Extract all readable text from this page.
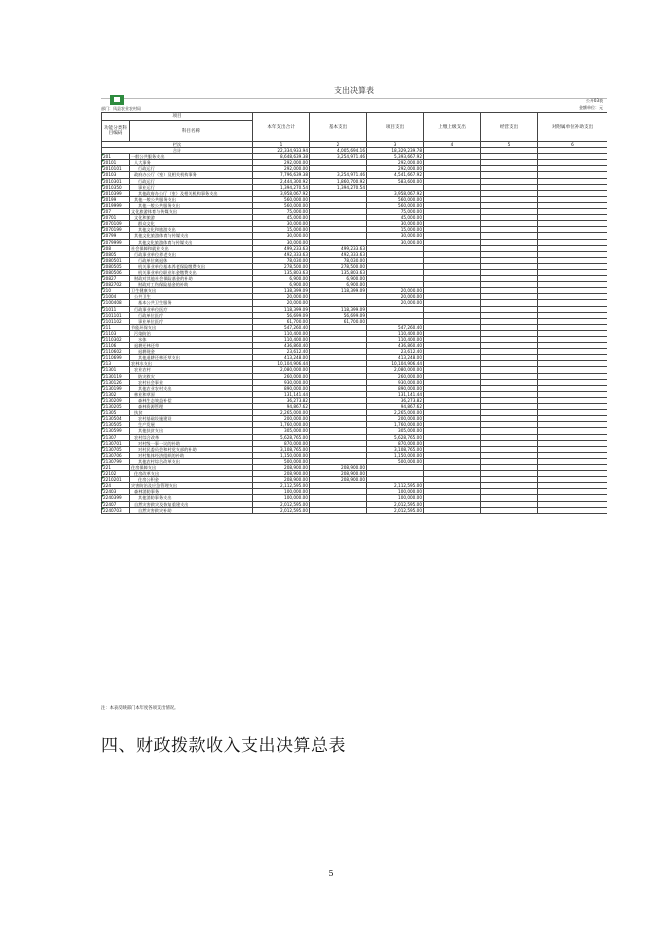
支出决算表
公开03表
金额单位：元
部门：凤县农业农村局
项目		本年支出合计	基本支出	项目支出	上缴上级支出	经营支出	对附属单位补助支出
功能分类科目编码	科目名称						
栏次		1	2	3	4	5	6
合计		22,334,933.94	4,005,694.16	18,329,239.78			
201	一般公共服务支出	8,648,639.38	3,254,971.46	5,393,667.92			
20101	人大事务	292,000.00		292,000.00			
2010101	行政运行	292,000.00		292,000.00			
20103	政府办公厅（室）及相关机构事务	7,796,639.38	3,254,971.46	4,541,667.92			
2010301	行政运行	2,444,300.92	1,860,700.92	583,600.00			
2010350	事业运行	1,394,270.54	1,394,270.54				
2010399	其他政府办公厅（室）及相关机构事务支出	3,958,067.92		3,958,067.92			
20199	其他一般公共服务支出	560,000.00		560,000.00			
2019999	其他一般公共服务支出	560,000.00		560,000.00			
207	文化旅游体育与传媒支出	75,000.00		75,000.00			
20701	文化和旅游	45,000.00		45,000.00			
2070109	群众文化	30,000.00		30,000.00			
2070199	其他文化和旅游支出	15,000.00		15,000.00			
20799	其他文化旅游体育与传媒支出	30,000.00		30,000.00			
2079999	其他文化旅游体育与传媒支出	30,000.00		30,000.00			
208	社会保障和就业支出	499,233.63	499,233.63				
20805	行政事业单位养老支出	492,333.63	492,333.63				
2080501	行政单位离退休	78,030.00	78,030.00				
2080505	机关事业单位基本养老保险缴费支出	278,500.00	278,500.00				
2080506	机关事业单位职业年金缴费支出	135,803.63	135,803.63				
20827	财政对其他社会保险基金的补助	6,900.00	6,900.00				
2082702	财政对工伤保险基金的补助	6,900.00	6,900.00				
210	卫生健康支出	138,399.09	118,399.09	20,000.00			
21004	公共卫生	20,000.00		20,000.00			
2100408	基本公共卫生服务	20,000.00		20,000.00			
21011	行政事业单位医疗	118,399.09	118,399.09				
2101101	行政单位医疗	56,699.09	56,699.09				
2101102	事业单位医疗	61,700.00	61,700.00				
211	节能环保支出	547,260.40		547,260.40			
21103	污染防治	110,400.00		110,400.00			
2110302	水体	110,400.00		110,400.00			
21106	退耕还林还草	436,860.40		436,860.40			
2110602	退耕现金	23,612.40		23,612.40			
2110699	其他退耕还林还草支出	413,248.00		413,248.00			
213	农林水支出	10,104,906.44		10,104,906.44			
21301	农业农村	2,080,000.00		2,080,000.00			
2130119	防灾救灾	260,000.00		260,000.00			
2130126	农村社会事业	930,000.00		930,000.00			
2130199	其他农业农村支出	890,000.00		890,000.00			
21302	林业和草原	131,141.44		131,141.44			
2130209	森林生态效益补偿	36,273.82		36,273.82			
2130205	森林资源管理	94,867.62		94,867.62			
21305	扶贫	2,265,000.00		2,265,000.00			
2130504	农村基础设施建设	200,000.00		200,000.00			
2130505	生产发展	1,760,000.00		1,760,000.00			
2130599	其他扶贫支出	305,000.00		305,000.00			
21307	农村综合改革	5,628,765.00		5,628,765.00			
2130701	对村级一事一议的补助	870,000.00		870,000.00			
2130705	对村民委员会和村党支部的补助	3,108,765.00		3,108,765.00			
2130706	对村集体经济组织的补助	1,150,000.00		1,150,000.00			
2130799	其他农村综合改革支出	500,000.00		500,000.00			
221	住房保障支出	208,900.00	208,900.00				
22102	住房改革支出	208,900.00	208,900.00				
2210201	住房公积金	208,900.00	208,900.00				
224	灾害防治及应急管理支出	2,112,595.00		2,112,595.00			
22403	森林消防事务	100,000.00		100,000.00			
2240399	其他消防事务支出	100,000.00		100,000.00			
22407	自然灾害救灾及恢复重建支出	2,012,595.00		2,012,595.00			
2240703	自然灾害救灾补助	2,012,595.00		2,012,595.00			
注：本表反映部门本年度各项支出情况。
四、财政拨款收入支出决算总表
5
